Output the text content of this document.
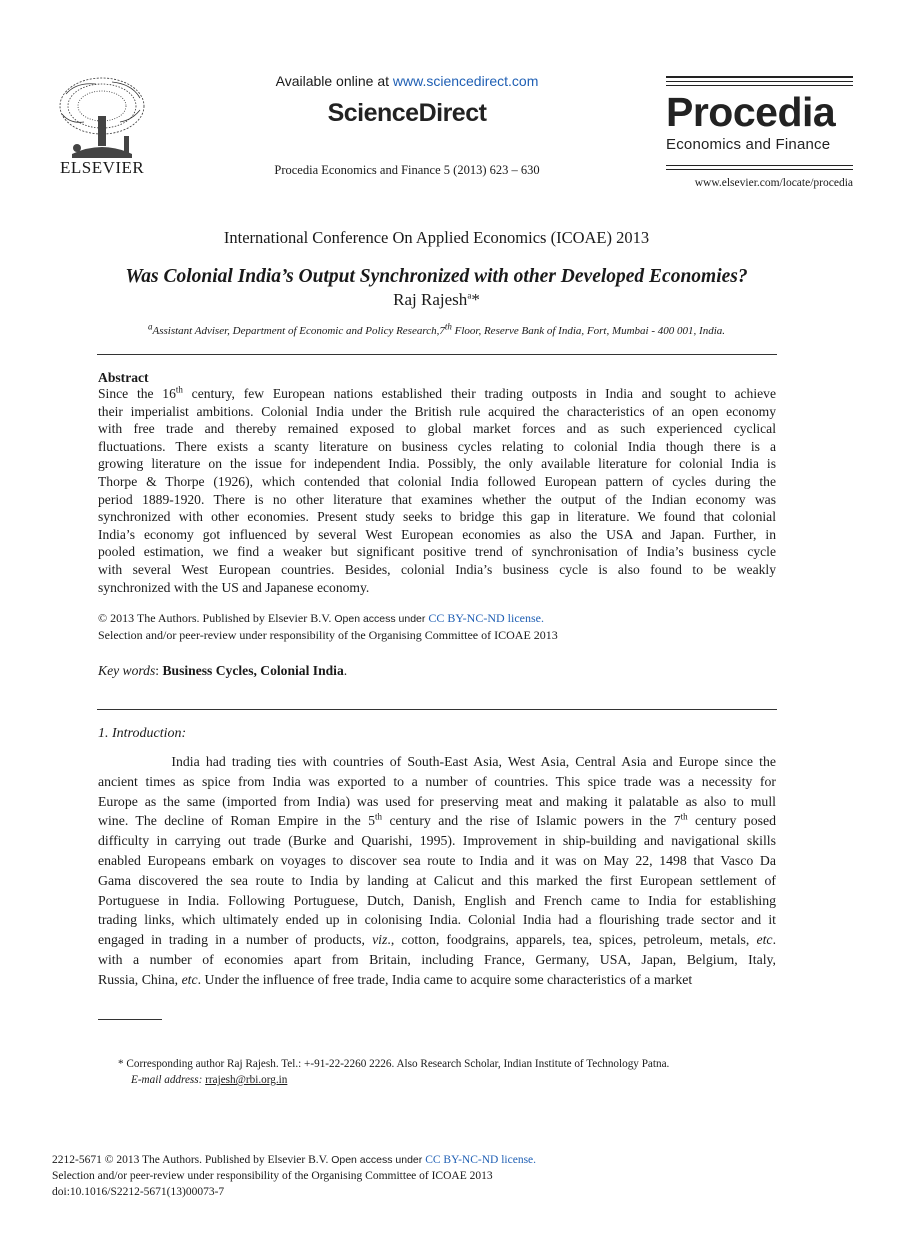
ELSEVIER
Available online at www.sciencedirect.com
ScienceDirect
Procedia Economics and Finance 5 (2013) 623 – 630
Procedia
Economics and Finance
www.elsevier.com/locate/procedia
International Conference On Applied Economics (ICOAE) 2013
Was Colonial India’s Output Synchronized with other Developed Economies?
Raj Rajesh$^a$*
$^a$Assistant Adviser, Department of Economic and Policy Research,7th Floor, Reserve Bank of India, Fort, Mumbai - 400 001, India.
Abstract
Since the 16th century, few European nations established their trading outposts in India and sought to achieve
their imperialist ambitions. Colonial India under the British rule acquired the characteristics of an open economy
with free trade and thereby remained exposed to global market forces and as such experienced cyclical
fluctuations. There exists a scanty literature on business cycles relating to colonial India though there is a
growing literature on the issue for independent India. Possibly, the only available literature for colonial India is
Thorpe & Thorpe (1926), which contended that colonial India followed European pattern of cycles during the
period 1889-1920. There is no other literature that examines whether the output of the Indian economy was
synchronized with other economies. Present study seeks to bridge this gap in literature. We found that colonial
India’s economy got influenced by several West European economies as also the USA and Japan. Further, in
pooled estimation, we find a weaker but significant positive trend of synchronisation of India’s business cycle
with several West European countries. Besides, colonial India’s business cycle is also found to be weakly
synchronized with the US and Japanese economy.
© 2013 The Authors. Published by Elsevier B.V. Open access under CC BY-NC-ND license.
Selection and/or peer-review under responsibility of the Organising Committee of ICOAE 2013
Key words: Business Cycles, Colonial India.
1. Introduction:
India had trading ties with countries of South-East Asia, West Asia, Central Asia and Europe since the
ancient times as spice from India was exported to a number of countries. This spice trade was a necessity for
Europe as the same (imported from India) was used for preserving meat and making it palatable as also to mull
wine. The decline of Roman Empire in the 5th century and the rise of Islamic powers in the 7th century posed
difficulty in carrying out trade (Burke and Quarishi, 1995). Improvement in ship-building and navigational skills
enabled Europeans embark on voyages to discover sea route to India and it was on May 22, 1498 that Vasco Da
Gama discovered the sea route to India by landing at Calicut and this marked the first European settlement of
Portuguese in India. Following Portuguese, Dutch, Danish, English and French came to India for establishing
trading links, which ultimately ended up in colonising India. Colonial India had a flourishing trade sector and it
engaged in trading in a number of products, viz., cotton, foodgrains, apparels, tea, spices, petroleum, metals, etc.
with a number of economies apart from Britain, including France, Germany, USA, Japan, Belgium, Italy,
Russia, China, etc. Under the influence of free trade, India came to acquire some characteristics of a market
* Corresponding author Raj Rajesh. Tel.: +-91-22-2260 2226. Also Research Scholar, Indian Institute of Technology Patna.
E-mail address: rrajesh@rbi.org.in
2212-5671 © 2013 The Authors. Published by Elsevier B.V. Open access under CC BY-NC-ND license.
Selection and/or peer-review under responsibility of the Organising Committee of ICOAE 2013
doi:10.1016/S2212-5671(13)00073-7
